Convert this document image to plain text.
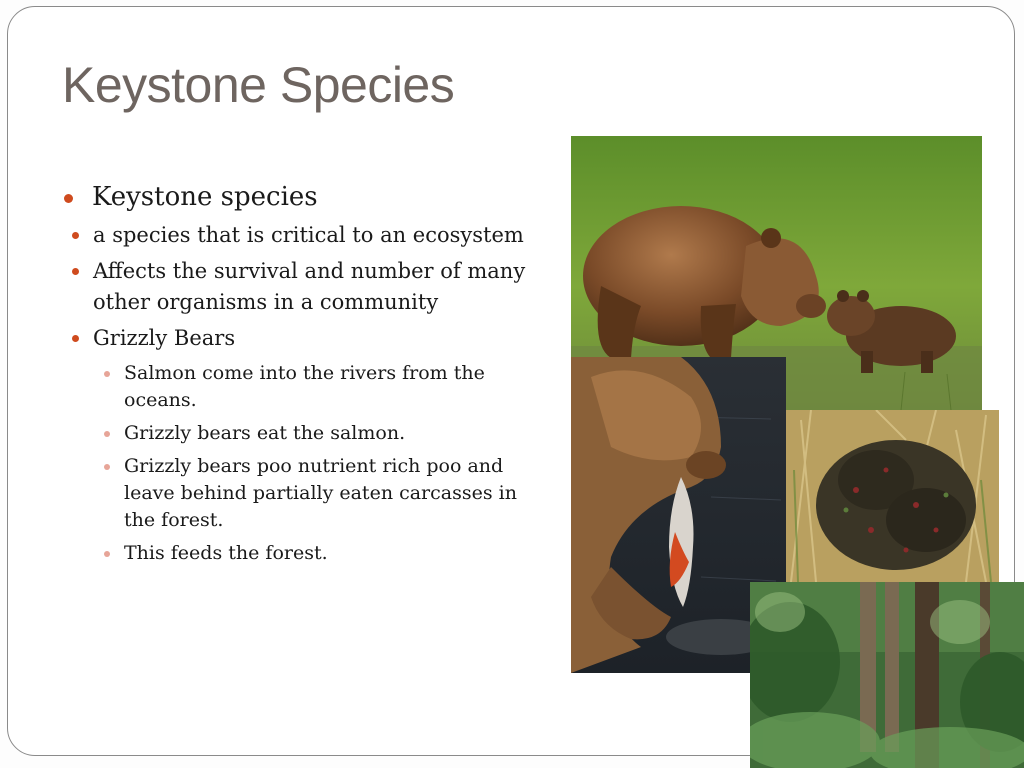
Keystone Species
Keystone species
a species that is critical to an ecosystem
Affects the survival and number of many other organisms in a community
Grizzly Bears
Salmon come into the rivers from the oceans.
Grizzly bears eat the salmon.
Grizzly bears poo nutrient rich poo and leave behind partially eaten carcasses in the forest.
This feeds the forest.
